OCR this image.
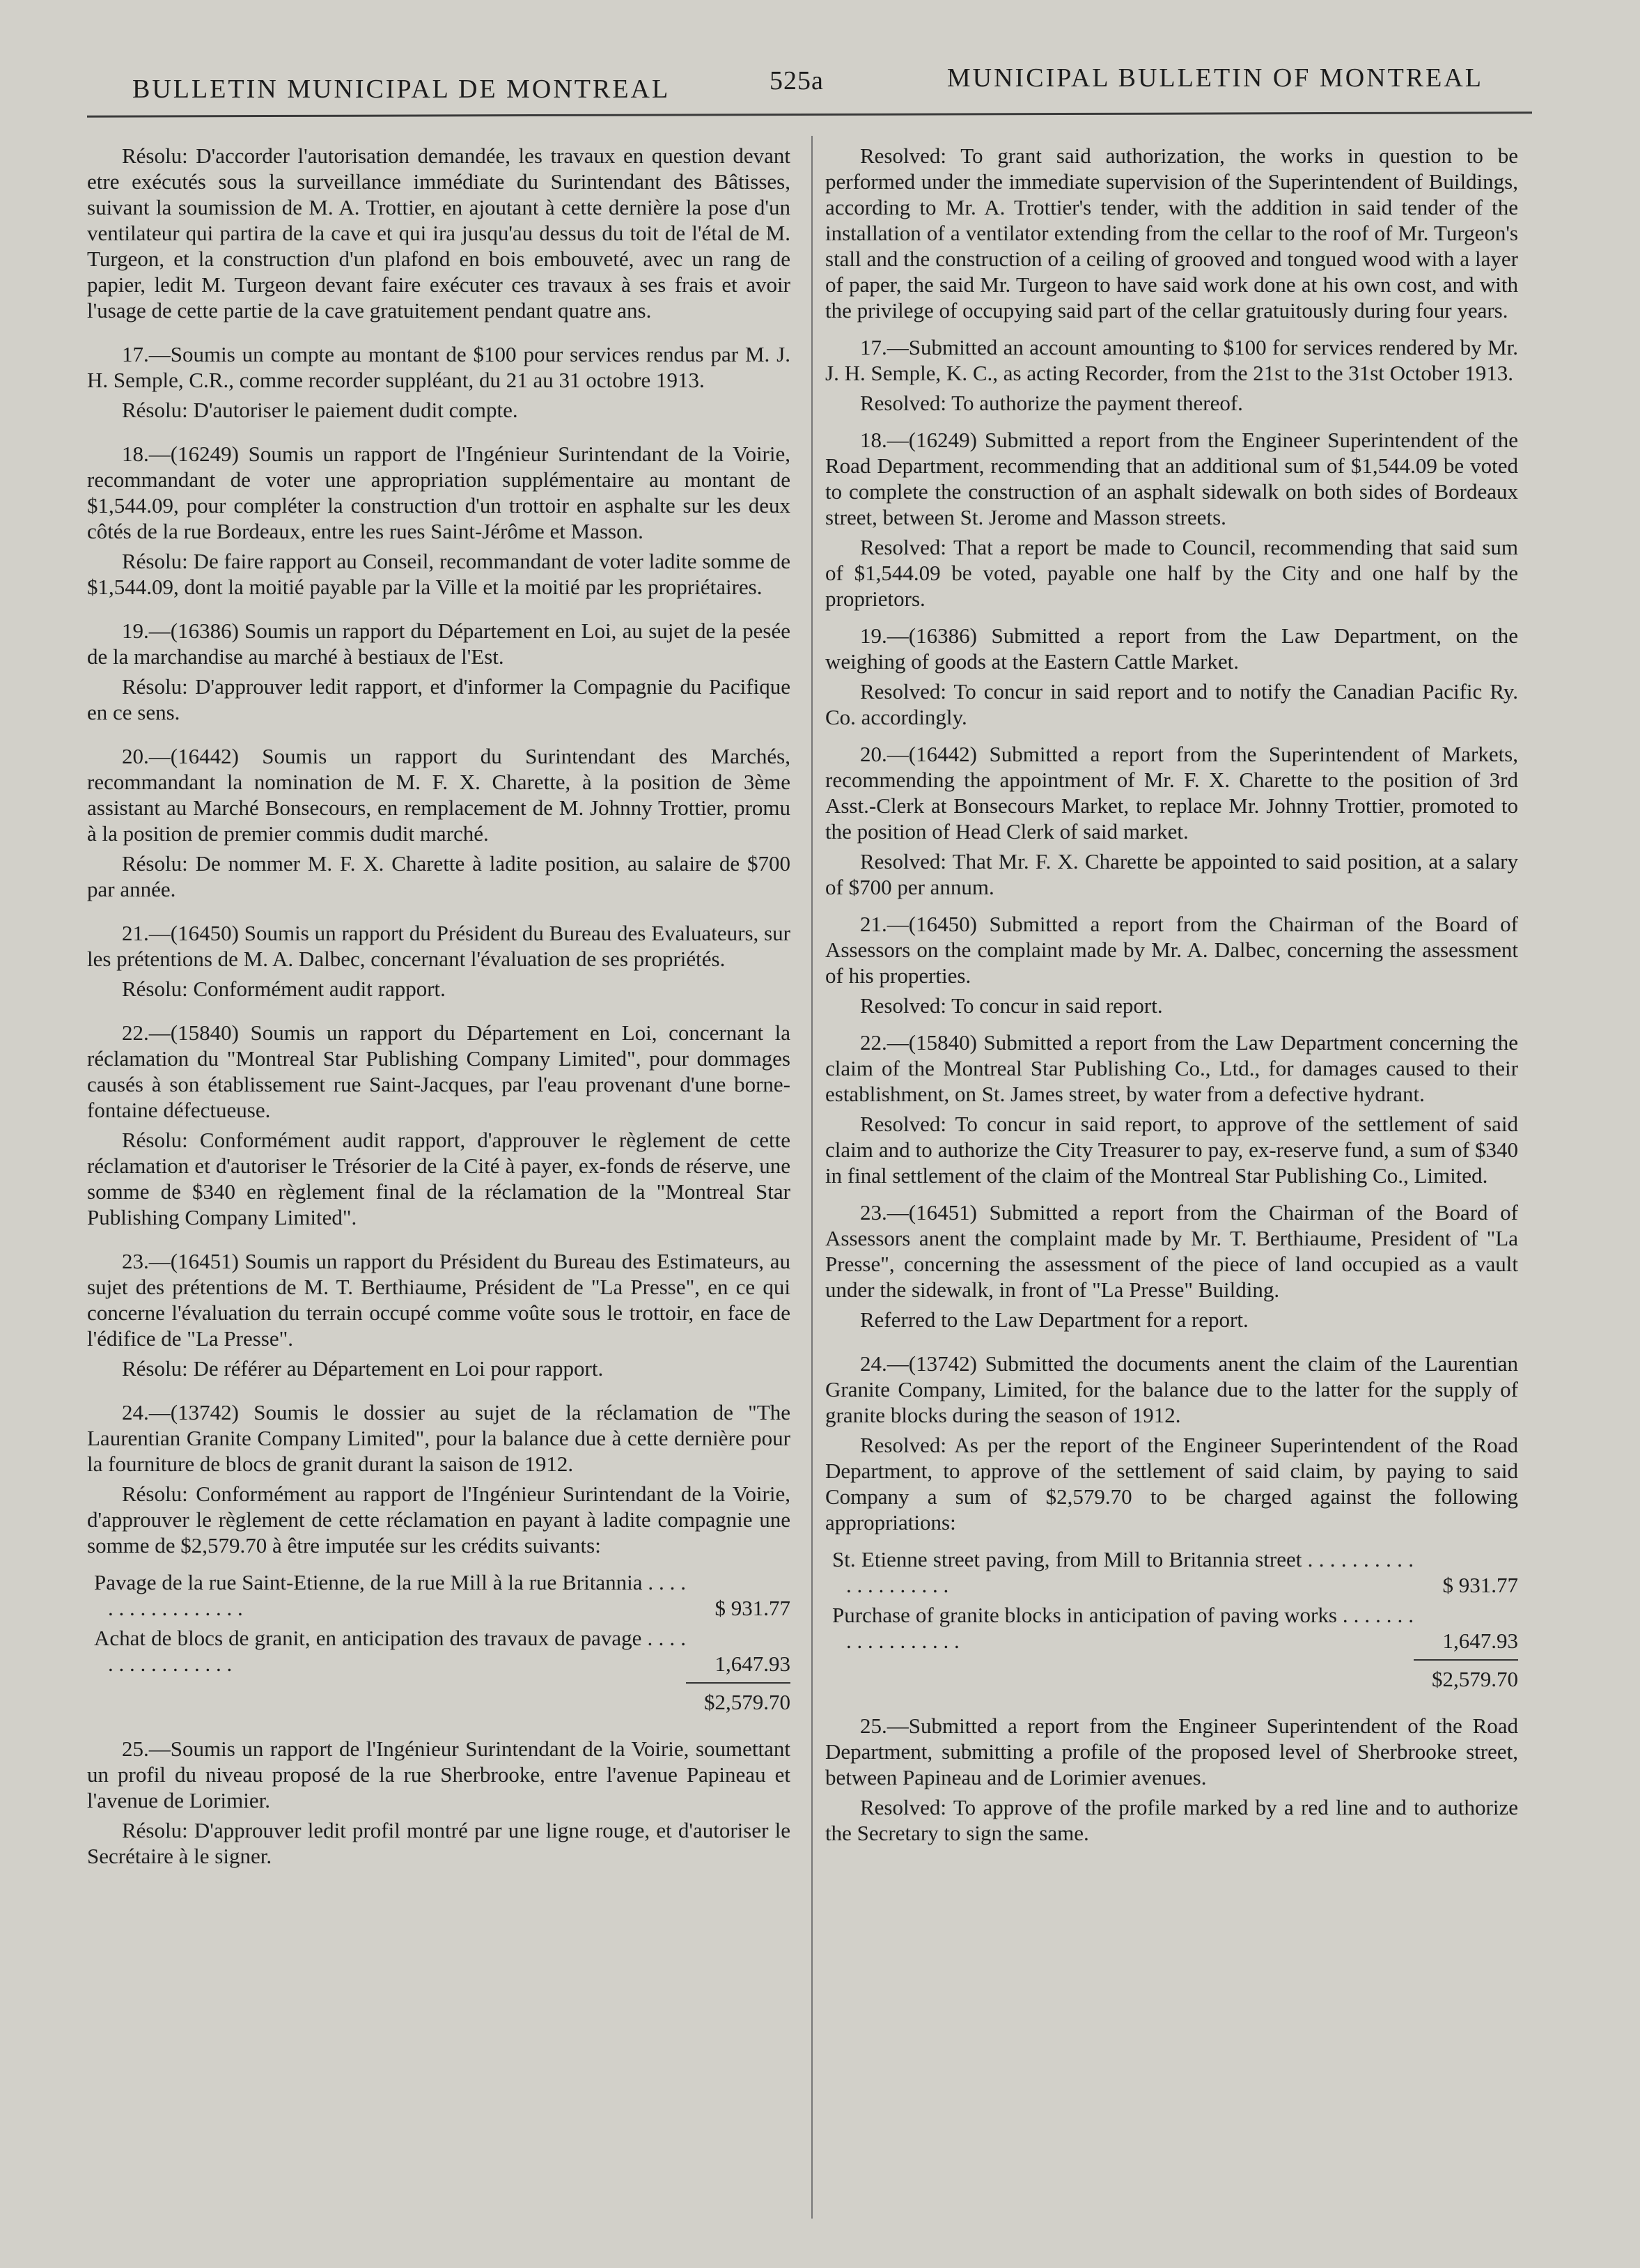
BULLETIN MUNICIPAL DE MONTREAL	525a	MUNICIPAL BULLETIN OF MONTREAL

Résolu: D'accorder l'autorisation demandée, les travaux en question devant etre exécutés sous la surveillance immédiate du Surintendant des Bâtisses, suivant la soumission de M. A. Trottier, en ajoutant à cette dernière la pose d'un ventilateur qui partira de la cave et qui ira jusqu'au dessus du toit de l'étal de M. Turgeon, et la construction d'un plafond en bois embouveté, avec un rang de papier, ledit M. Turgeon devant faire exécuter ces travaux à ses frais et avoir l'usage de cette partie de la cave gratuitement pendant quatre ans.

17.—Soumis un compte au montant de $100 pour services rendus par M. J. H. Semple, C.R., comme recorder suppléant, du 21 au 31 octobre 1913.

Résolu: D'autoriser le paiement dudit compte.

18.—(16249) Soumis un rapport de l'Ingénieur Surintendant de la Voirie, recommandant de voter une appropriation supplémentaire au montant de $1,544.09, pour compléter la construction d'un trottoir en asphalte sur les deux côtés de la rue Bordeaux, entre les rues Saint-Jérôme et Masson.

Résolu: De faire rapport au Conseil, recommandant de voter ladite somme de $1,544.09, dont la moitié payable par la Ville et la moitié par les propriétaires.

19.—(16386) Soumis un rapport du Département en Loi, au sujet de la pesée de la marchandise au marché à bestiaux de l'Est.

Résolu: D'approuver ledit rapport, et d'informer la Compagnie du Pacifique en ce sens.

20.—(16442) Soumis un rapport du Surintendant des Marchés, recommandant la nomination de M. F. X. Charette, à la position de 3ème assistant au Marché Bonsecours, en remplacement de M. Johnny Trottier, promu à la position de premier commis dudit marché.

Résolu: De nommer M. F. X. Charette à ladite position, au salaire de $700 par année.

21.—(16450) Soumis un rapport du Président du Bureau des Evaluateurs, sur les prétentions de M. A. Dalbec, concernant l'évaluation de ses propriétés.

Résolu: Conformément audit rapport.

22.—(15840) Soumis un rapport du Département en Loi, concernant la réclamation du "Montreal Star Publishing Company Limited", pour dommages causés à son établissement rue Saint-Jacques, par l'eau provenant d'une borne-fontaine défectueuse.

Résolu: Conformément audit rapport, d'approuver le règlement de cette réclamation et d'autoriser le Trésorier de la Cité à payer, ex-fonds de réserve, une somme de $340 en règlement final de la réclamation de la "Montreal Star Publishing Company Limited".

23.—(16451) Soumis un rapport du Président du Bureau des Estimateurs, au sujet des prétentions de M. T. Berthiaume, Président de "La Presse", en ce qui concerne l'évaluation du terrain occupé comme voûte sous le trottoir, en face de l'édifice de "La Presse".

Résolu: De référer au Département en Loi pour rapport.

24.—(13742) Soumis le dossier au sujet de la réclamation de "The Laurentian Granite Company Limited", pour la balance due à cette dernière pour la fourniture de blocs de granit durant la saison de 1912.

Résolu: Conformément au rapport de l'Ingénieur Surintendant de la Voirie, d'approuver le règlement de cette réclamation en payant à ladite compagnie une somme de $2,579.70 à être imputée sur les crédits suivants:

Pavage de la rue Saint-Etienne, de la rue Mill à la rue Britannia . . . . . . . . . . . . . . . . .	$ 931.77
Achat de blocs de granit, en anticipation des travaux de pavage . . . . . . . . . . . . . . . .	1,647.93
$2,579.70

25.—Soumis un rapport de l'Ingénieur Surintendant de la Voirie, soumettant un profil du niveau proposé de la rue Sherbrooke, entre l'avenue Papineau et l'avenue de Lorimier.

Résolu: D'approuver ledit profil montré par une ligne rouge, et d'autoriser le Secrétaire à le signer.

Resolved: To grant said authorization, the works in question to be performed under the immediate supervision of the Superintendent of Buildings, according to Mr. A. Trottier's tender, with the addition in said tender of the installation of a ventilator extending from the cellar to the roof of Mr. Turgeon's stall and the construction of a ceiling of grooved and tongued wood with a layer of paper, the said Mr. Turgeon to have said work done at his own cost, and with the privilege of occupying said part of the cellar gratuitously during four years.

17.—Submitted an account amounting to $100 for services rendered by Mr. J. H. Semple, K. C., as acting Recorder, from the 21st to the 31st October 1913.

Resolved: To authorize the payment thereof.

18.—(16249) Submitted a report from the Engineer Superintendent of the Road Department, recommending that an additional sum of $1,544.09 be voted to complete the construction of an asphalt sidewalk on both sides of Bordeaux street, between St. Jerome and Masson streets.

Resolved: That a report be made to Council, recommending that said sum of $1,544.09 be voted, payable one half by the City and one half by the proprietors.

19.—(16386) Submitted a report from the Law Department, on the weighing of goods at the Eastern Cattle Market.

Resolved: To concur in said report and to notify the Canadian Pacific Ry. Co. accordingly.

20.—(16442) Submitted a report from the Superintendent of Markets, recommending the appointment of Mr. F. X. Charette to the position of 3rd Asst.-Clerk at Bonsecours Market, to replace Mr. Johnny Trottier, promoted to the position of Head Clerk of said market.

Resolved: That Mr. F. X. Charette be appointed to said position, at a salary of $700 per annum.

21.—(16450) Submitted a report from the Chairman of the Board of Assessors on the complaint made by Mr. A. Dalbec, concerning the assessment of his properties.

Resolved: To concur in said report.

22.—(15840) Submitted a report from the Law Department concerning the claim of the Montreal Star Publishing Co., Ltd., for damages caused to their establishment, on St. James street, by water from a defective hydrant.

Resolved: To concur in said report, to approve of the settlement of said claim and to authorize the City Treasurer to pay, ex-reserve fund, a sum of $340 in final settlement of the claim of the Montreal Star Publishing Co., Limited.

23.—(16451) Submitted a report from the Chairman of the Board of Assessors anent the complaint made by Mr. T. Berthiaume, President of "La Presse", concerning the assessment of the piece of land occupied as a vault under the sidewalk, in front of "La Presse" Building.

Referred to the Law Department for a report.

24.—(13742) Submitted the documents anent the claim of the Laurentian Granite Company, Limited, for the balance due to the latter for the supply of granite blocks during the season of 1912.

Resolved: As per the report of the Engineer Superintendent of the Road Department, to approve of the settlement of said claim, by paying to said Company a sum of $2,579.70 to be charged against the following appropriations:

St. Etienne street paving, from Mill to Britannia street . . . . . . . . . . . . . . . . . . . .	$ 931.77
Purchase of granite blocks in anticipation of paving works . . . . . . . . . . . . . . . . . .	1,647.93
$2,579.70

25.—Submitted a report from the Engineer Superintendent of the Road Department, submitting a profile of the proposed level of Sherbrooke street, between Papineau and de Lorimier avenues.

Resolved: To approve of the profile marked by a red line and to authorize the Secretary to sign the same.
